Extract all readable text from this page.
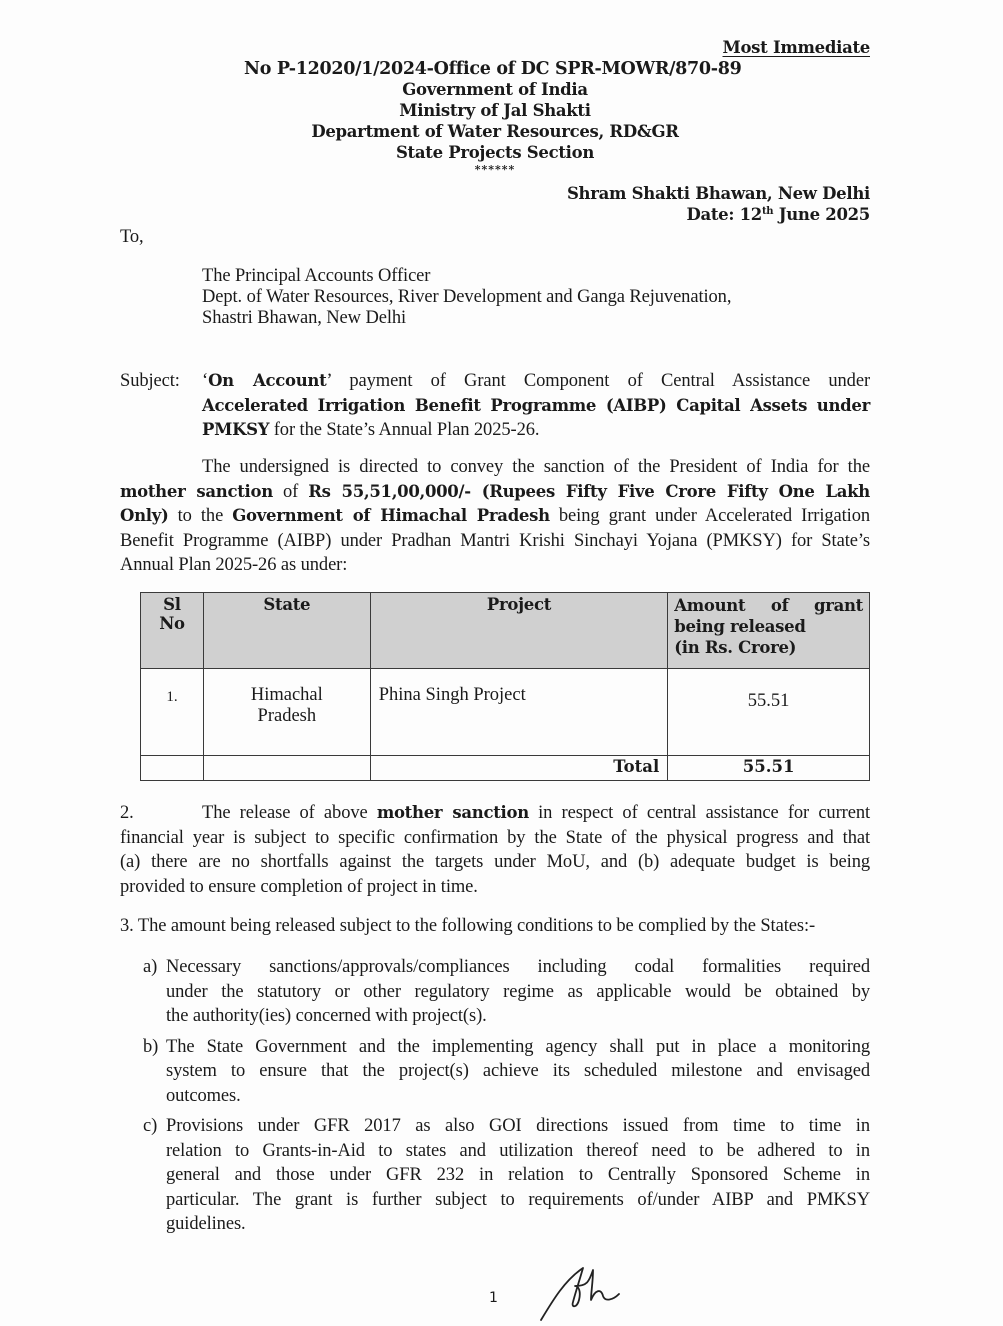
Most Immediate
No P-12020/1/2024-Office of DC SPR-MOWR/870-89
Government of India
Ministry of Jal Shakti
Department of Water Resources, RD&GR
State Projects Section
******
Shram Shakti Bhawan, New Delhi
Date: 12th June 2025
To,
The Principal Accounts Officer
Dept. of Water Resources, River Development and Ganga Rejuvenation,
Shastri Bhawan, New Delhi
Subject: ‘On Account’ payment of Grant Component of Central Assistance under
Accelerated Irrigation Benefit Programme (AIBP) Capital Assets under
PMKSY for the State’s Annual Plan 2025-26.
The undersigned is directed to convey the sanction of the President of India for the
mother sanction of Rs 55,51,00,000/- (Rupees Fifty Five Crore Fifty One Lakh
Only) to the Government of Himachal Pradesh being grant under Accelerated Irrigation
Benefit Programme (AIBP) under Pradhan Mantri Krishi Sinchayi Yojana (PMKSY) for State’s
Annual Plan 2025-26 as under:
Sl
No	State	Project	Amount of grant
being released
(in Rs. Crore)

1.	Himachal
Pradesh	Phina Singh Project	55.51
		Total	55.51
2.	The release of above mother sanction in respect of central assistance for current
financial year is subject to specific confirmation by the State of the physical progress and that
(a) there are no shortfalls against the targets under MoU, and (b) adequate budget is being
provided to ensure completion of project in time.
3. The amount being released subject to the following conditions to be complied by the States:-
a) Necessary sanctions/approvals/compliances including codal formalities required
under the statutory or other regulatory regime as applicable would be obtained by
the authority(ies) concerned with project(s).
b) The State Government and the implementing agency shall put in place a monitoring
system to ensure that the project(s) achieve its scheduled milestone and envisaged
outcomes.
c) Provisions under GFR 2017 as also GOI directions issued from time to time in
relation to Grants-in-Aid to states and utilization thereof need to be adhered to in
general and those under GFR 232 in relation to Centrally Sponsored Scheme in
particular. The grant is further subject to requirements of/under AIBP and PMKSY
guidelines.
1
